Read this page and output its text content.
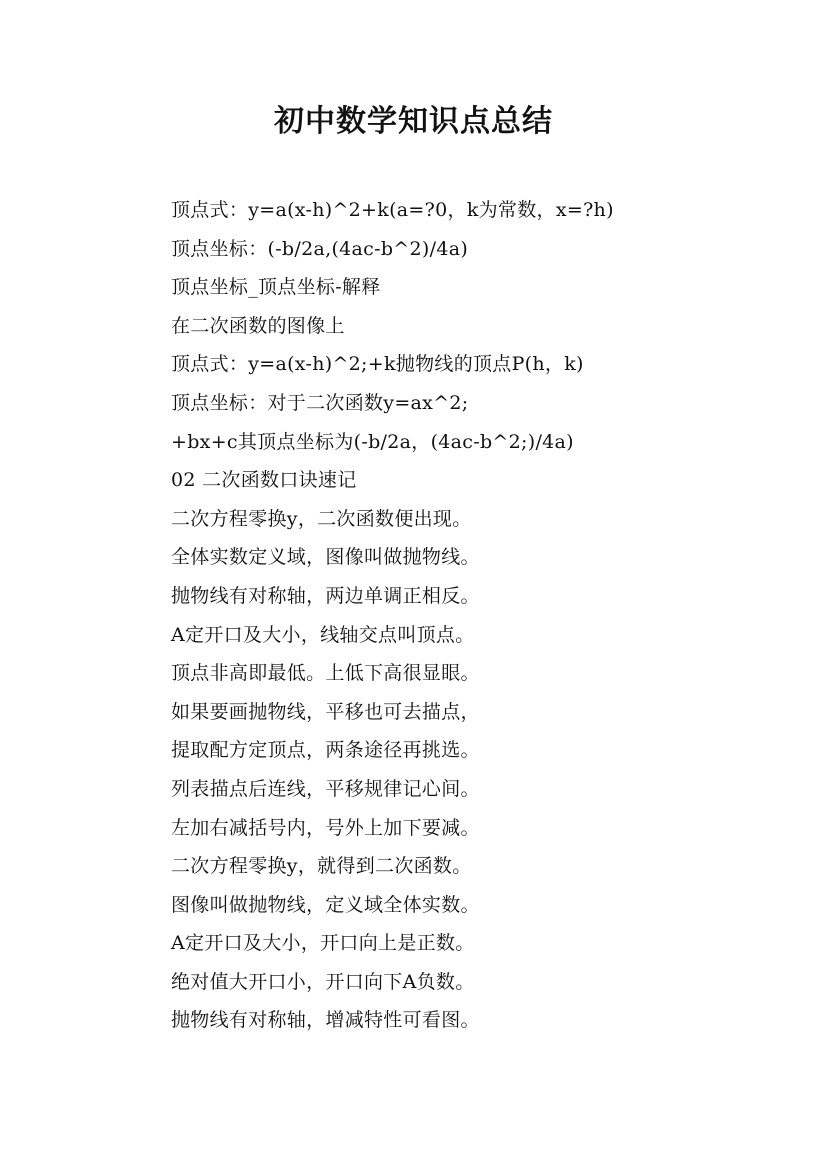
初中数学知识点总结
顶点式：y=a(x-h)^2+k(a=?0，k为常数，x=?h)
顶点坐标：(-b/2a,(4ac-b^2)/4a)
顶点坐标_顶点坐标-解释
在二次函数的图像上
顶点式：y=a(x-h)^2;+k抛物线的顶点P(h，k)
顶点坐标：对于二次函数y=ax^2;
+bx+c其顶点坐标为(-b/2a，(4ac-b^2;)/4a)
02 二次函数口诀速记
二次方程零换y，二次函数便出现。
全体实数定义域，图像叫做抛物线。
抛物线有对称轴，两边单调正相反。
A定开口及大小，线轴交点叫顶点。
顶点非高即最低。上低下高很显眼。
如果要画抛物线，平移也可去描点，
提取配方定顶点，两条途径再挑选。
列表描点后连线，平移规律记心间。
左加右减括号内，号外上加下要减。
二次方程零换y，就得到二次函数。
图像叫做抛物线，定义域全体实数。
A定开口及大小，开口向上是正数。
绝对值大开口小，开口向下A负数。
抛物线有对称轴，增减特性可看图。
